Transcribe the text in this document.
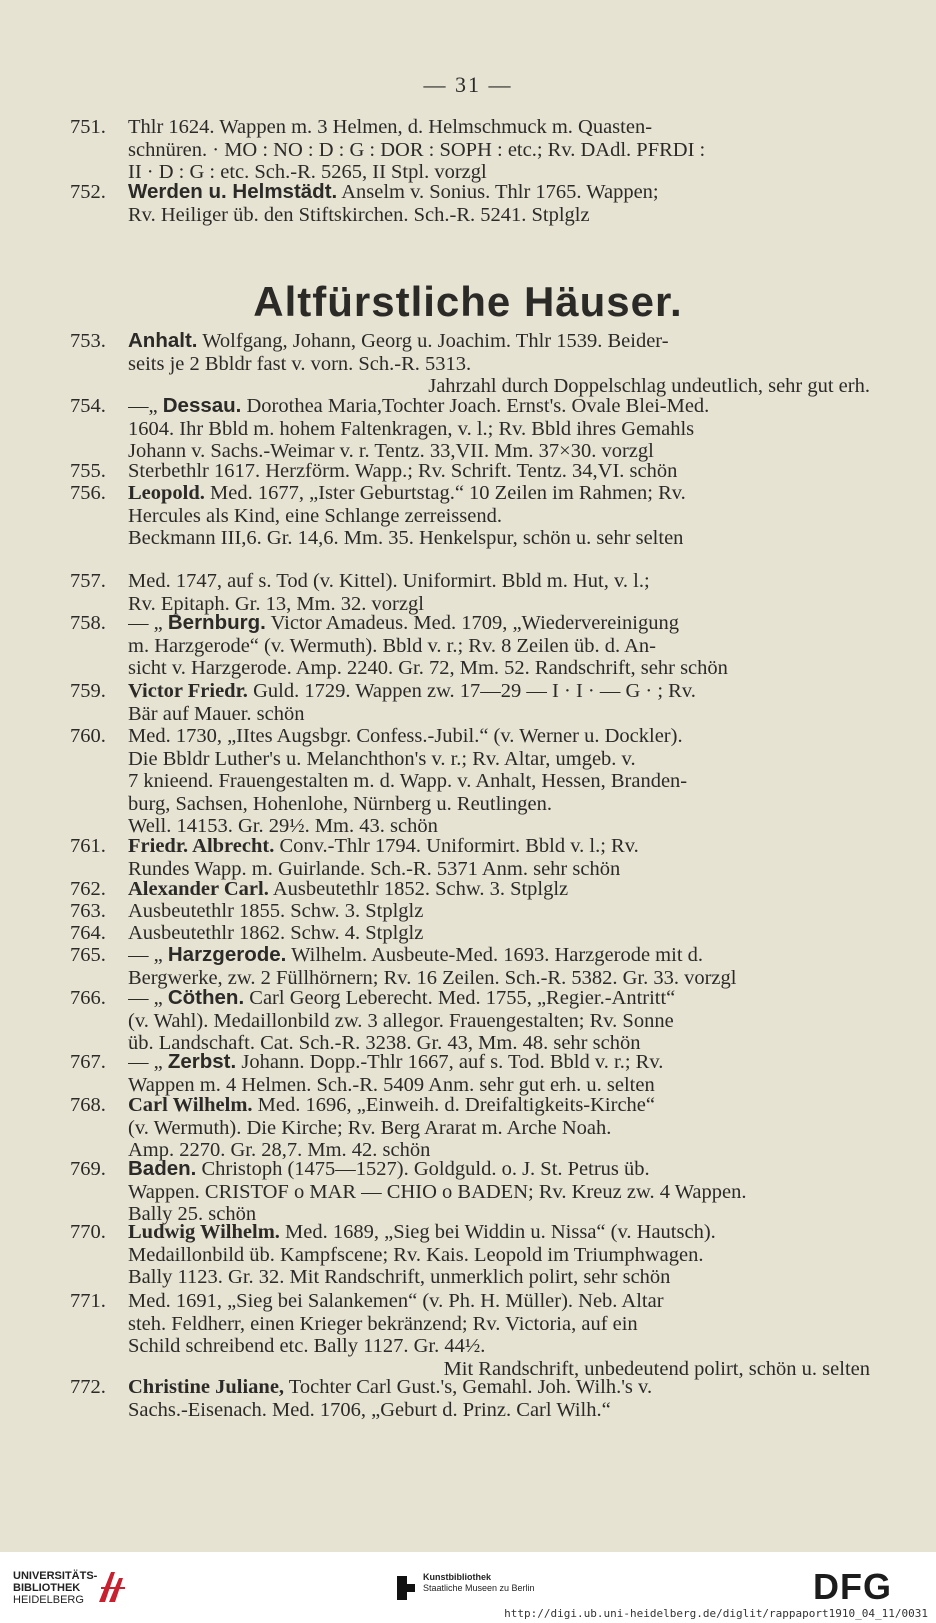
— 31 —
Altfürstliche Häuser.
751.	Thlr 1624. Wappen m. 3 Helmen, d. Helmschmuck m. Quasten-
schnüren. · MO : NO : D : G : DOR : SOPH : etc.; Rv. DAdl. PFRDI :
II · D : G : etc. Sch.-R. 5265, II Stpl. vorzgl
752.	Werden u. Helmstädt. Anselm v. Sonius. Thlr 1765. Wappen;
Rv. Heiliger üb. den Stiftskirchen. Sch.-R. 5241. Stplglz
753.	Anhalt. Wolfgang, Johann, Georg u. Joachim. Thlr 1539. Beider-
seits je 2 Bbldr fast v. vorn. Sch.-R. 5313.
Jahrzahl durch Doppelschlag undeutlich, sehr gut erh.
754.	—„ Dessau. Dorothea Maria,Tochter Joach. Ernst's. Ovale Blei-Med.
1604. Ihr Bbld m. hohem Faltenkragen, v. l.; Rv. Bbld ihres Gemahls
Johann v. Sachs.-Weimar v. r. Tentz. 33,VII. Mm. 37×30. vorzgl
755.	Sterbethlr 1617. Herzförm. Wapp.; Rv. Schrift. Tentz. 34,VI. schön
756.	Leopold. Med. 1677, „Ister Geburtstag.“ 10 Zeilen im Rahmen; Rv.
Hercules als Kind, eine Schlange zerreissend.
Beckmann III,6. Gr. 14,6. Mm. 35. Henkelspur, schön u. sehr selten
757.	Med. 1747, auf s. Tod (v. Kittel). Uniformirt. Bbld m. Hut, v. l.;
Rv. Epitaph. Gr. 13, Mm. 32. vorzgl
758.	— „ Bernburg. Victor Amadeus. Med. 1709, „Wiedervereinigung
m. Harzgerode“ (v. Wermuth). Bbld v. r.; Rv. 8 Zeilen üb. d. An-
sicht v. Harzgerode. Amp. 2240. Gr. 72, Mm. 52. Randschrift, sehr schön
759.	Victor Friedr. Guld. 1729. Wappen zw. 17—29 — I · I · — G · ; Rv.
Bär auf Mauer. schön
760.	Med. 1730, „IItes Augsbgr. Confess.-Jubil.“ (v. Werner u. Dockler).
Die Bbldr Luther's u. Melanchthon's v. r.; Rv. Altar, umgeb. v.
7 knieend. Frauengestalten m. d. Wapp. v. Anhalt, Hessen, Branden-
burg, Sachsen, Hohenlohe, Nürnberg u. Reutlingen.
Well. 14153. Gr. 29½. Mm. 43. schön
761.	Friedr. Albrecht. Conv.-Thlr 1794. Uniformirt. Bbld v. l.; Rv.
Rundes Wapp. m. Guirlande. Sch.-R. 5371 Anm. sehr schön
762.	Alexander Carl. Ausbeutethlr 1852. Schw. 3. Stplglz
763.	Ausbeutethlr 1855. Schw. 3. Stplglz
764.	Ausbeutethlr 1862. Schw. 4. Stplglz
765.	— „ Harzgerode. Wilhelm. Ausbeute-Med. 1693. Harzgerode mit d.
Bergwerke, zw. 2 Füllhörnern; Rv. 16 Zeilen. Sch.-R. 5382. Gr. 33. vorzgl
766.	— „ Cöthen. Carl Georg Leberecht. Med. 1755, „Regier.-Antritt“
(v. Wahl). Medaillonbild zw. 3 allegor. Frauengestalten; Rv. Sonne
üb. Landschaft. Cat. Sch.-R. 3238. Gr. 43, Mm. 48. sehr schön
767.	— „ Zerbst. Johann. Dopp.-Thlr 1667, auf s. Tod. Bbld v. r.; Rv.
Wappen m. 4 Helmen. Sch.-R. 5409 Anm. sehr gut erh. u. selten
768.	Carl Wilhelm. Med. 1696, „Einweih. d. Dreifaltigkeits-Kirche“
(v. Wermuth). Die Kirche; Rv. Berg Ararat m. Arche Noah.
Amp. 2270. Gr. 28,7. Mm. 42. schön
769.	Baden. Christoph (1475—1527). Goldguld. o. J. St. Petrus üb.
Wappen. CRISTOF o MAR — CHIO o BADEN; Rv. Kreuz zw. 4 Wappen.
Bally 25. schön
770.	Ludwig Wilhelm. Med. 1689, „Sieg bei Widdin u. Nissa“ (v. Hautsch).
Medaillonbild üb. Kampfscene; Rv. Kais. Leopold im Triumphwagen.
Bally 1123. Gr. 32. Mit Randschrift, unmerklich polirt, sehr schön
771.	Med. 1691, „Sieg bei Salankemen“ (v. Ph. H. Müller). Neb. Altar
steh. Feldherr, einen Krieger bekränzend; Rv. Victoria, auf ein
Schild schreibend etc. Bally 1127. Gr. 44½.
Mit Randschrift, unbedeutend polirt, schön u. selten
772.	Christine Juliane, Tochter Carl Gust.'s, Gemahl. Joh. Wilh.'s v.
Sachs.-Eisenach. Med. 1706, „Geburt d. Prinz. Carl Wilh.“
UNIVERSITÄTS-
BIBLIOTHEK
HEIDELBERG
Kunstbibliothek
Staatliche Museen zu Berlin	DFG
http://digi.ub.uni-heidelberg.de/diglit/rappaport1910_04_11/0031
